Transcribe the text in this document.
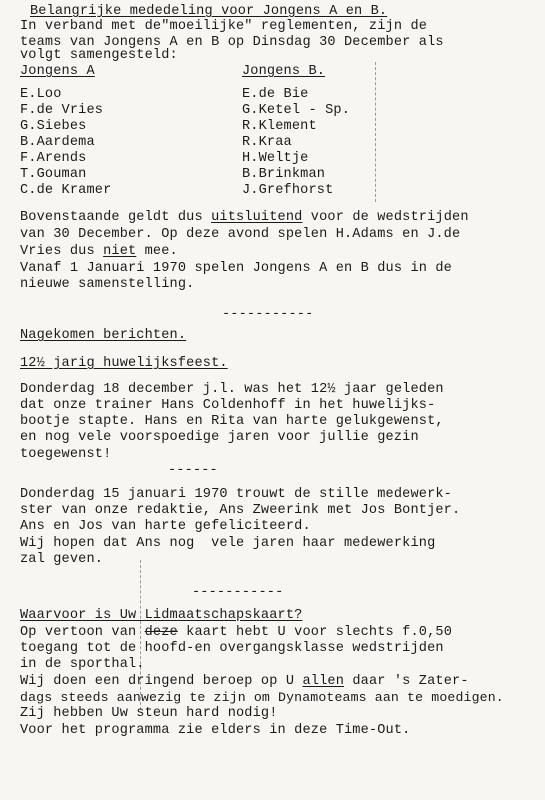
Belangrijke mededeling voor Jongens A en B.
In verband met de"moeilijke" reglementen, zijn de
teams van Jongens A en B op Dinsdag 30 December als
volgt samengesteld:
Jongens A	Jongens B.
E.Loo
F.de Vries
G.Siebes
B.Aardema
F.Arends
T.Gouman
C.de Kramer
E.de Bie
G.Ketel - Sp.
R.Klement
R.Kraa
H.Weltje
B.Brinkman
J.Grefhorst
Bovenstaande geldt dus uitsluitend voor de wedstrijden
van 30 December. Op deze avond spelen H.Adams en J.de
Vries dus niet mee.
Vanaf 1 Januari 1970 spelen Jongens A en B dus in de
nieuwe samenstelling.
-----------
Nagekomen berichten.
12½ jarig huwelijksfeest.
Donderdag 18 december j.l. was het 12½ jaar geleden
dat onze trainer Hans Coldenhoff in het huwelijks-
bootje stapte. Hans en Rita van harte gelukgewenst,
en nog vele voorspoedige jaren voor jullie gezin
toegewenst!
------
Donderdag 15 januari 1970 trouwt de stille medewerk-
ster van onze redaktie, Ans Zweerink met Jos Bontjer.
Ans en Jos van harte gefeliciteerd.
Wij hopen dat Ans nog  vele jaren haar medewerking
zal geven.
-----------
Waarvoor is Uw Lidmaatschapskaart?
Op vertoon van deze kaart hebt U voor slechts f.0,50
toegang tot de hoofd-en overgangsklasse wedstrijden
in de sporthal.
Wij doen een dringend beroep op U allen daar 's Zater-
dags steeds aanwezig te zijn om Dynamoteams aan te moedigen.
Zij hebben Uw steun hard nodig!
Voor het programma zie elders in deze Time-Out.
